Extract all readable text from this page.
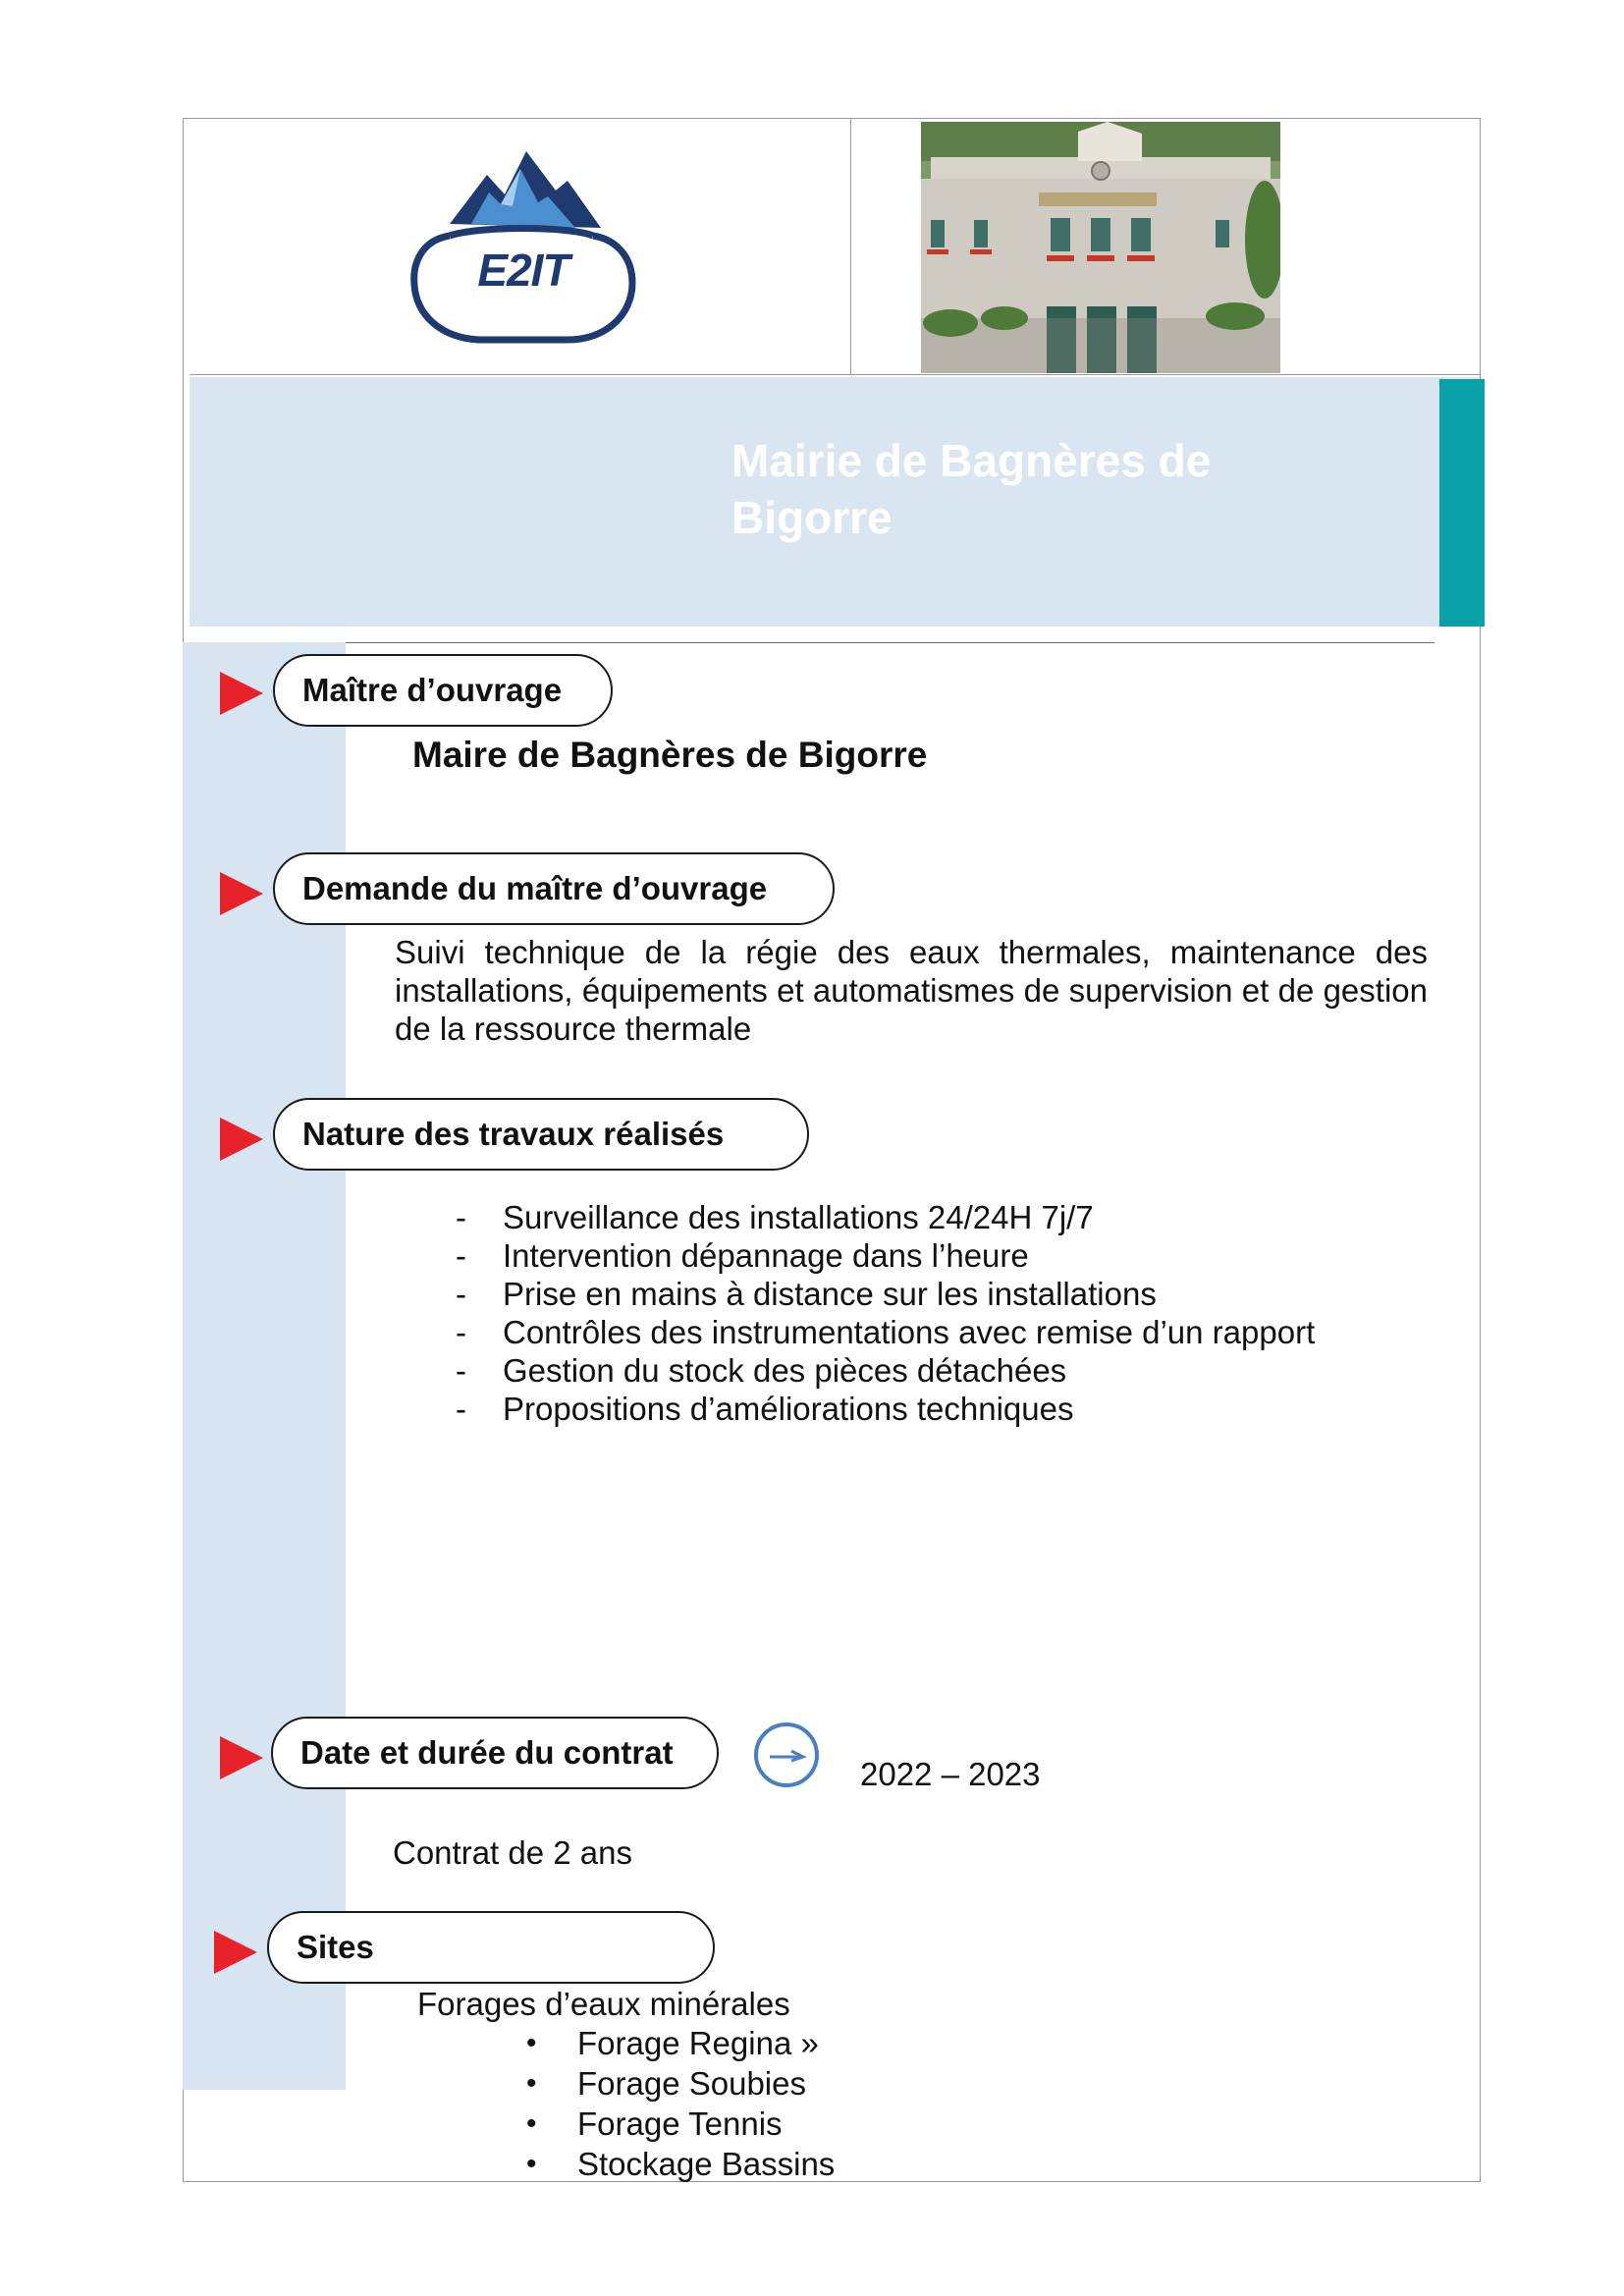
E2IT
Mairie de Bagnères de Bigorre
Maître d’ouvrage
Maire de Bagnères de Bigorre
Demande du maître d’ouvrage
Suivi technique de la régie des eaux thermales, maintenance des installations, équipements et automatismes de supervision et de gestion de la ressource thermale
Nature des travaux réalisés
- Surveillance des installations 24/24H 7j/7
- Intervention dépannage dans l’heure
- Prise en mains à distance sur les installations
- Contrôles des instrumentations avec remise d’un rapport
- Gestion du stock des pièces détachées
- Propositions d’améliorations techniques
Date et durée du contrat
2022 – 2023
Contrat de 2 ans
Sites
Forages d’eaux minérales
• Forage Regina »
• Forage Soubies
• Forage Tennis
• Stockage Bassins
